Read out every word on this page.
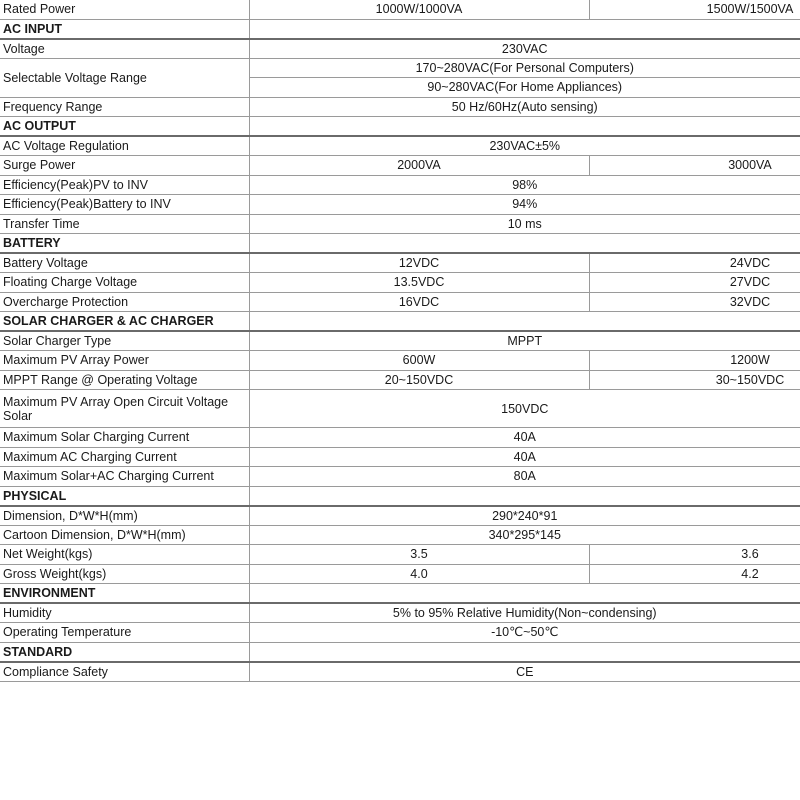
Rated Power	1000W/1000VA	1500W/1500VA
AC INPUT		
Voltage	230VAC	
Selectable Voltage Range	170~280VAC(For Personal Computers)	
	90~280VAC(For Home Appliances)	
Frequency Range	50 Hz/60Hz(Auto sensing)	
AC OUTPUT		
AC Voltage Regulation	230VAC±5%	
Surge Power	2000VA	3000VA
Efficiency(Peak)PV to INV	98%	
Efficiency(Peak)Battery to INV	94%	
Transfer Time	10 ms	
BATTERY		
Battery Voltage	12VDC	24VDC
Floating Charge Voltage	13.5VDC	27VDC
Overcharge Protection	16VDC	32VDC
SOLAR CHARGER & AC CHARGER		
Solar Charger Type	MPPT	
Maximum PV Array Power	600W	1200W
MPPT Range @ Operating Voltage	20~150VDC	30~150VDC
Maximum PV Array Open Circuit Voltage Solar	150VDC	
Maximum Solar Charging Current	40A	
Maximum AC Charging Current	40A	
Maximum Solar+AC Charging Current	80A	
PHYSICAL		
Dimension, D*W*H(mm)	290*240*91	
Cartoon Dimension, D*W*H(mm)	340*295*145	
Net Weight(kgs)	3.5	3.6
Gross Weight(kgs)	4.0	4.2
ENVIRONMENT		
Humidity	5% to 95% Relative Humidity(Non~condensing)	
Operating Temperature	-10℃~50℃	
STANDARD		
Compliance Safety	CE	
